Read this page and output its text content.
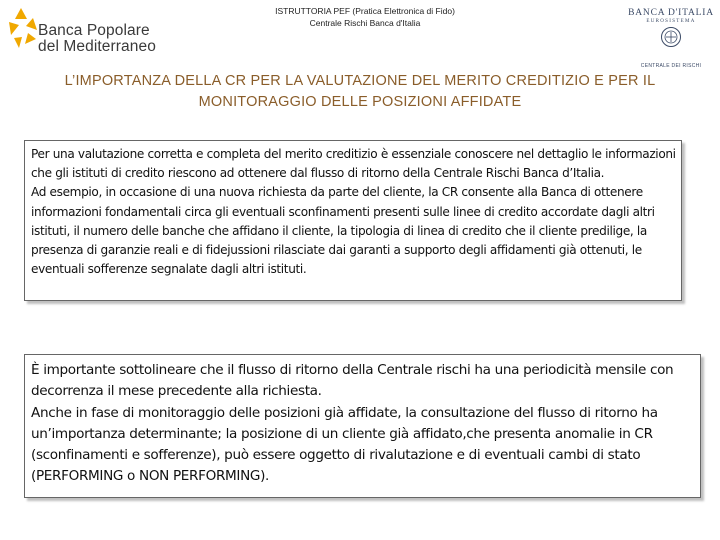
Banca Popolare
del Mediterraneo
ISTRUTTORIA PEF (Pratica Elettronica di Fido)
Centrale Rischi Banca d'Italia
BANCA D'ITALIA
EUROSISTEMA
CENTRALE DEI RISCHI
L’IMPORTANZA DELLA CR PER LA VALUTAZIONE DEL MERITO CREDITIZIO E PER IL
MONITORAGGIO DELLE POSIZIONI AFFIDATE

Per una valutazione corretta e completa del merito creditizio è essenziale conoscere nel dettaglio le informazioni che gli istituti di credito riescono ad ottenere dal flusso di ritorno della Centrale Rischi Banca d’Italia.

Ad esempio, in occasione di una nuova richiesta da parte del cliente, la CR consente alla Banca di ottenere informazioni fondamentali circa gli eventuali sconfinamenti presenti sulle linee di credito accordate dagli altri istituti, il numero delle banche che affidano il cliente, la tipologia di linea di credito che il cliente predilige, la presenza di garanzie reali e di fidejussioni rilasciate dai garanti a supporto degli affidamenti già ottenuti, le eventuali sofferenze segnalate dagli altri istituti.

È importante sottolineare che il flusso di ritorno della Centrale rischi ha una periodicità mensile con decorrenza il mese precedente alla richiesta.

Anche in fase di monitoraggio delle posizioni già affidate, la consultazione del flusso di ritorno ha un’importanza determinante; la posizione di un cliente già affidato,che presenta anomalie in CR (sconfinamenti e sofferenze), può essere oggetto di rivalutazione e di eventuali cambi di stato (PERFORMING o NON PERFORMING).
